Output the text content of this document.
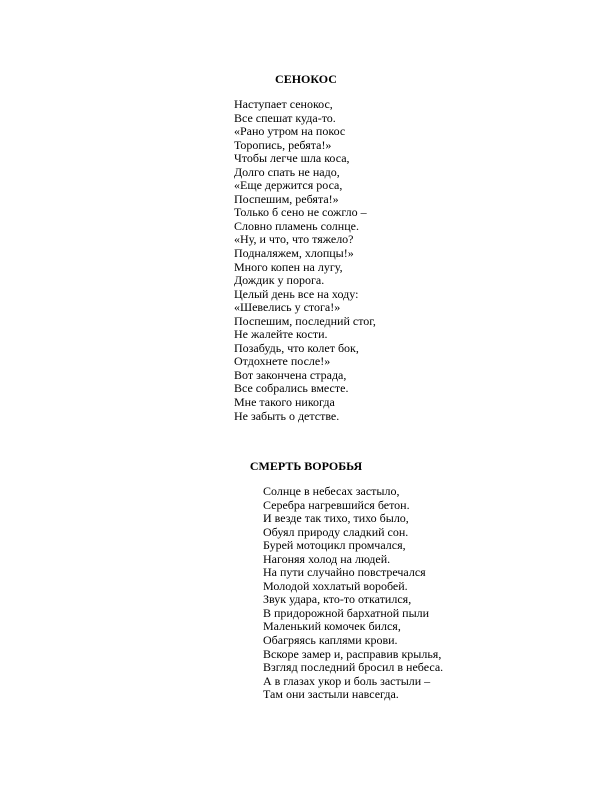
СЕНОКОС
Наступает сенокос,
Все спешат куда-то.
«Рано утром на покос
Торопись, ребята!»
Чтобы легче шла коса,
Долго спать не надо,
«Еще держится роса,
Поспешим, ребята!»
Только б сено не сожгло –
Словно пламень солнце.
«Ну, и что, что тяжело?
Подналяжем, хлопцы!»
Много копен на лугу,
Дождик у порога.
Целый день все на ходу:
«Шевелись у стога!»
Поспешим, последний стог,
Не жалейте кости.
Позабудь, что колет бок,
Отдохнете после!»
Вот закончена страда,
Все собрались вместе.
Мне такого никогда
Не забыть о детстве.
СМЕРТЬ ВОРОБЬЯ
Солнце в небесах застыло,
Серебра нагревшийся бетон.
И везде так тихо, тихо было,
Обуял природу сладкий сон.
Бурей мотоцикл промчался,
Нагоняя холод на людей.
На пути случайно повстречался
Молодой хохлатый воробей.
Звук удара, кто-то откатился,
В придорожной бархатной пыли
Маленький комочек бился,
Обагряясь каплями крови.
Вскоре замер и, расправив крылья,
Взгляд последний бросил в небеса.
А в глазах укор и боль застыли –
Там они застыли навсегда.
